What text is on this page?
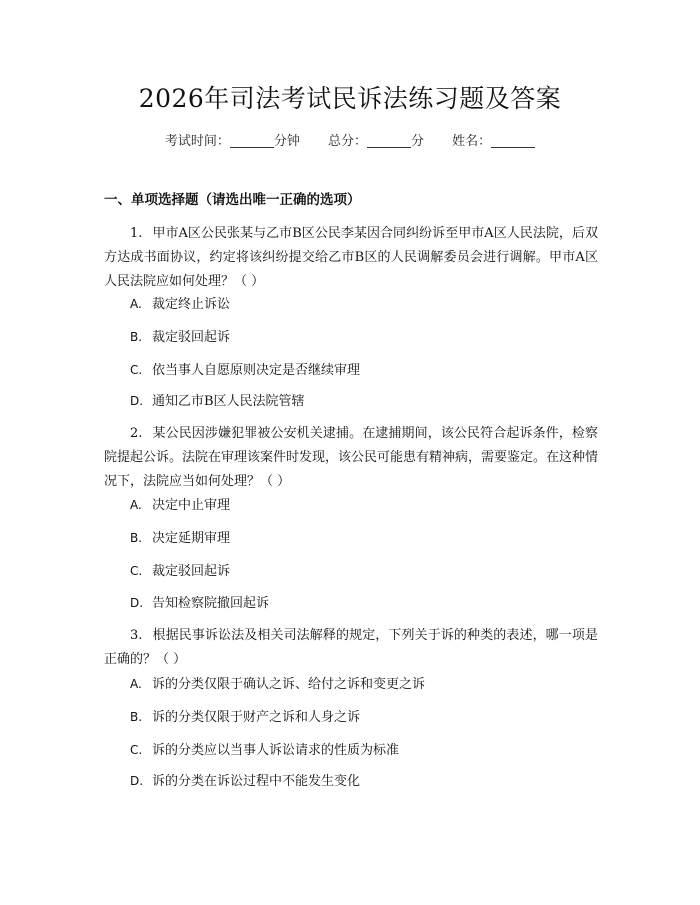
2026年司法考试民诉法练习题及答案
考试时间：	分钟 总分：	分 姓名：
一、单项选择题（请选出唯一正确的选项）
1. 甲市A区公民张某与乙市B区公民李某因合同纠纷诉至甲市A区人民法院，后双方达成书面协议，约定将该纠纷提交给乙市B区的人民调解委员会进行调解。甲市A区人民法院应如何处理？（ ）
A. 裁定终止诉讼
B. 裁定驳回起诉
C. 依当事人自愿原则决定是否继续审理
D. 通知乙市B区人民法院管辖
2. 某公民因涉嫌犯罪被公安机关逮捕。在逮捕期间，该公民符合起诉条件，检察院提起公诉。法院在审理该案件时发现，该公民可能患有精神病，需要鉴定。在这种情况下，法院应当如何处理？（ ）
A. 决定中止审理
B. 决定延期审理
C. 裁定驳回起诉
D. 告知检察院撤回起诉
3. 根据民事诉讼法及相关司法解释的规定，下列关于诉的种类的表述，哪一项是正确的？（ ）
A. 诉的分类仅限于确认之诉、给付之诉和变更之诉
B. 诉的分类仅限于财产之诉和人身之诉
C. 诉的分类应以当事人诉讼请求的性质为标准
D. 诉的分类在诉讼过程中不能发生变化
